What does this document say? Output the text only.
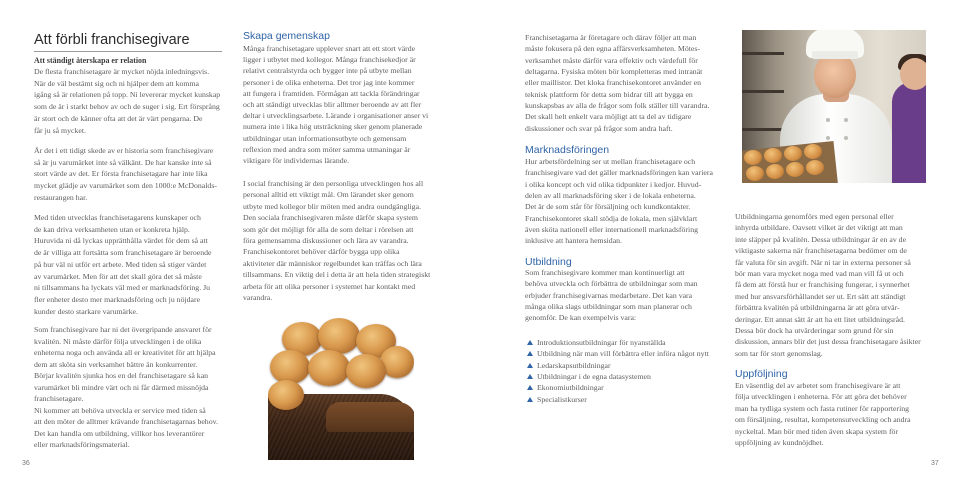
Att förbli franchisegivare
Att ständigt återskapa er relation

De flesta franchisetagare är mycket nöjda inledningsvis.
När de väl bestämt sig och ni hjälper dem att komma
igång så är relationen på topp. Ni levererar mycket kunskap
som de är i starkt behov av och de suger i sig. Ert försprång
är stort och de känner ofta att det är värt pengarna. De
får ju så mycket.

Är det i ett tidigt skede av er historia som franchisegivare
så är ju varumärket inte så välkänt. De har kanske inte så
stort värde av det. Er första franchisetagare har inte lika
mycket glädje av varumärket som den 1000:e McDonalds-
restaurangen har.

Med tiden utvecklas franchisetagarens kunskaper och
de kan driva verksamheten utan er konkreta hjälp.
Huruvida ni då lyckas upprätthålla värdet för dem så att
de är villiga att fortsätta som franchisetagare är beroende
på hur väl ni utför ert arbete. Med tiden så stiger värdet
av varumärket. Men för att det skall göra det så måste
ni tillsammans ha lyckats väl med er marknadsföring. Ju
fler enheter desto mer marknadsföring och ju nöjdare
kunder desto starkare varumärke.

Som franchisegivare har ni det övergripande ansvaret för
kvalitén. Ni måste därför följa utvecklingen i de olika
enheterna noga och använda all er kreativitet för att hjälpa
dem att sköta sin verksamhet bättre än konkurrenter.
Börjar kvalitén sjunka hos en del franchisetagare så kan
varumärket bli mindre värt och ni får därmed missnöjda
franchisetagare.
Ni kommer att behöva utveckla er service med tiden så
att den möter de alltmer krävande franchisetagarnas behov.
Det kan handla om utbildning, villkor hos leverantörer
eller marknadsföringsmaterial.

Skapa gemenskap

Många franchisetagare upplever snart att ett stort värde
ligger i utbytet med kollegor. Många franchisekedjor är
relativt centralstyrda och bygger inte på utbyte mellan
personer i de olika enheterna. Det tror jag inte kommer
att fungera i framtiden. Förmågan att tackla förändringar
och att ständigt utvecklas blir alltmer beroende av att fler
deltar i utvecklingsarbete. Lärande i organisationer anser vi
numera inte i lika hög utsträckning sker genom planerade
utbildningar utan informationsutbyte och gemensam
reflexion med andra som möter samma utmaningar är
viktigare för individernas lärande.

I social franchising är den personliga utvecklingen hos all
personal alltid ett viktigt mål. Om lärandet sker genom
utbyte med kollegor blir möten med andra oundgängliga.
Den sociala franchisegivaren måste därför skapa system
som gör det möjligt för alla de som deltar i rörelsen att
föra gemensamma diskussioner och lära av varandra.
Franchisekontoret behöver därför bygga upp olika
aktiviteter där människor regelbundet kan träffas och lära
tillsammans. En viktig del i detta är att hela tiden strategiskt
arbeta för att olika personer i systemet har kontakt med
varandra.

36

Franchisetagarna är företagare och därav följer att man
måste fokusera på den egna affärsverksamheten. Mötes-
verksamhet måste därför vara effektiv och värdefull för
deltagarna. Fysiska möten bör kompletteras med intranät
eller maillistor. Det kloka franchisekontoret använder en
teknisk plattform för detta som bidrar till att bygga en
kunskapsbas av alla de frågor som folk ställer till varandra.
Det skall helt enkelt vara möjligt att ta del av tidigare
diskussioner och svar på frågor som andra haft.

Marknadsföringen

Hur arbetsfördelning ser ut mellan franchisetagare och
franchisegivare vad det gäller marknadsföringen kan variera
i olika koncept och vid olika tidpunkter i kedjor. Huvud-
delen av all marknadsföring sker i de lokala enheterna.
Det är de som står för försäljning och kundkontakter.
Franchisekontoret skall stödja de lokala, men självklart
även sköta nationell eller internationell marknadsföring
inklusive att hantera hemsidan.

Utbildning

Som franchisegivare kommer man kontinuerligt att
behöva utveckla och förbättra de utbildningar som man
erbjuder franchisegivarnas medarbetare. Det kan vara
många olika slags utbildningar som man planerar och
genomför. De kan exempelvis vara:

Introduktionsutbildningar för nyanställda
Utbildning när man vill förbättra eller införa något nytt
Ledarskapsutbildningar
Utbildningar i de egna datasystemen
Ekonomiutbildningar
Specialistkurser

Utbildningarna genomförs med egen personal eller
inhyrda utbildare. Oavsett vilket är det viktigt att man
inte släpper på kvalitén. Dessa utbildningar är en av de
viktigaste sakerna när franchisetagarna bedömer om de
får valuta för sin avgift. När ni tar in externa personer så
bör man vara mycket noga med vad man vill få ut och
få dem att förstå hur er franchising fungerar, i synnerhet
med hur ansvarsförhållandet ser ut. Ert sätt att ständigt
förbättra kvalitén på utbildningarna är att göra utvär-
deringar. Ett annat sätt är att ha ett litet utbildningsråd.
Dessa bör dock ha utvärderingar som grund för sin
diskussion, annars blir det just dessa franchisetagare åsikter
som tar för stort genomslag.

Uppföljning

En väsentlig del av arbetet som franchisegivare är att
följa utvecklingen i enheterna. För att göra det behöver
man ha tydliga system och fasta rutiner för rapportering
om försäljning, resultat, kompetensutveckling och andra
nyckeltal. Man bör med tiden även skapa system för
uppföljning av kundnöjdhet.

37
